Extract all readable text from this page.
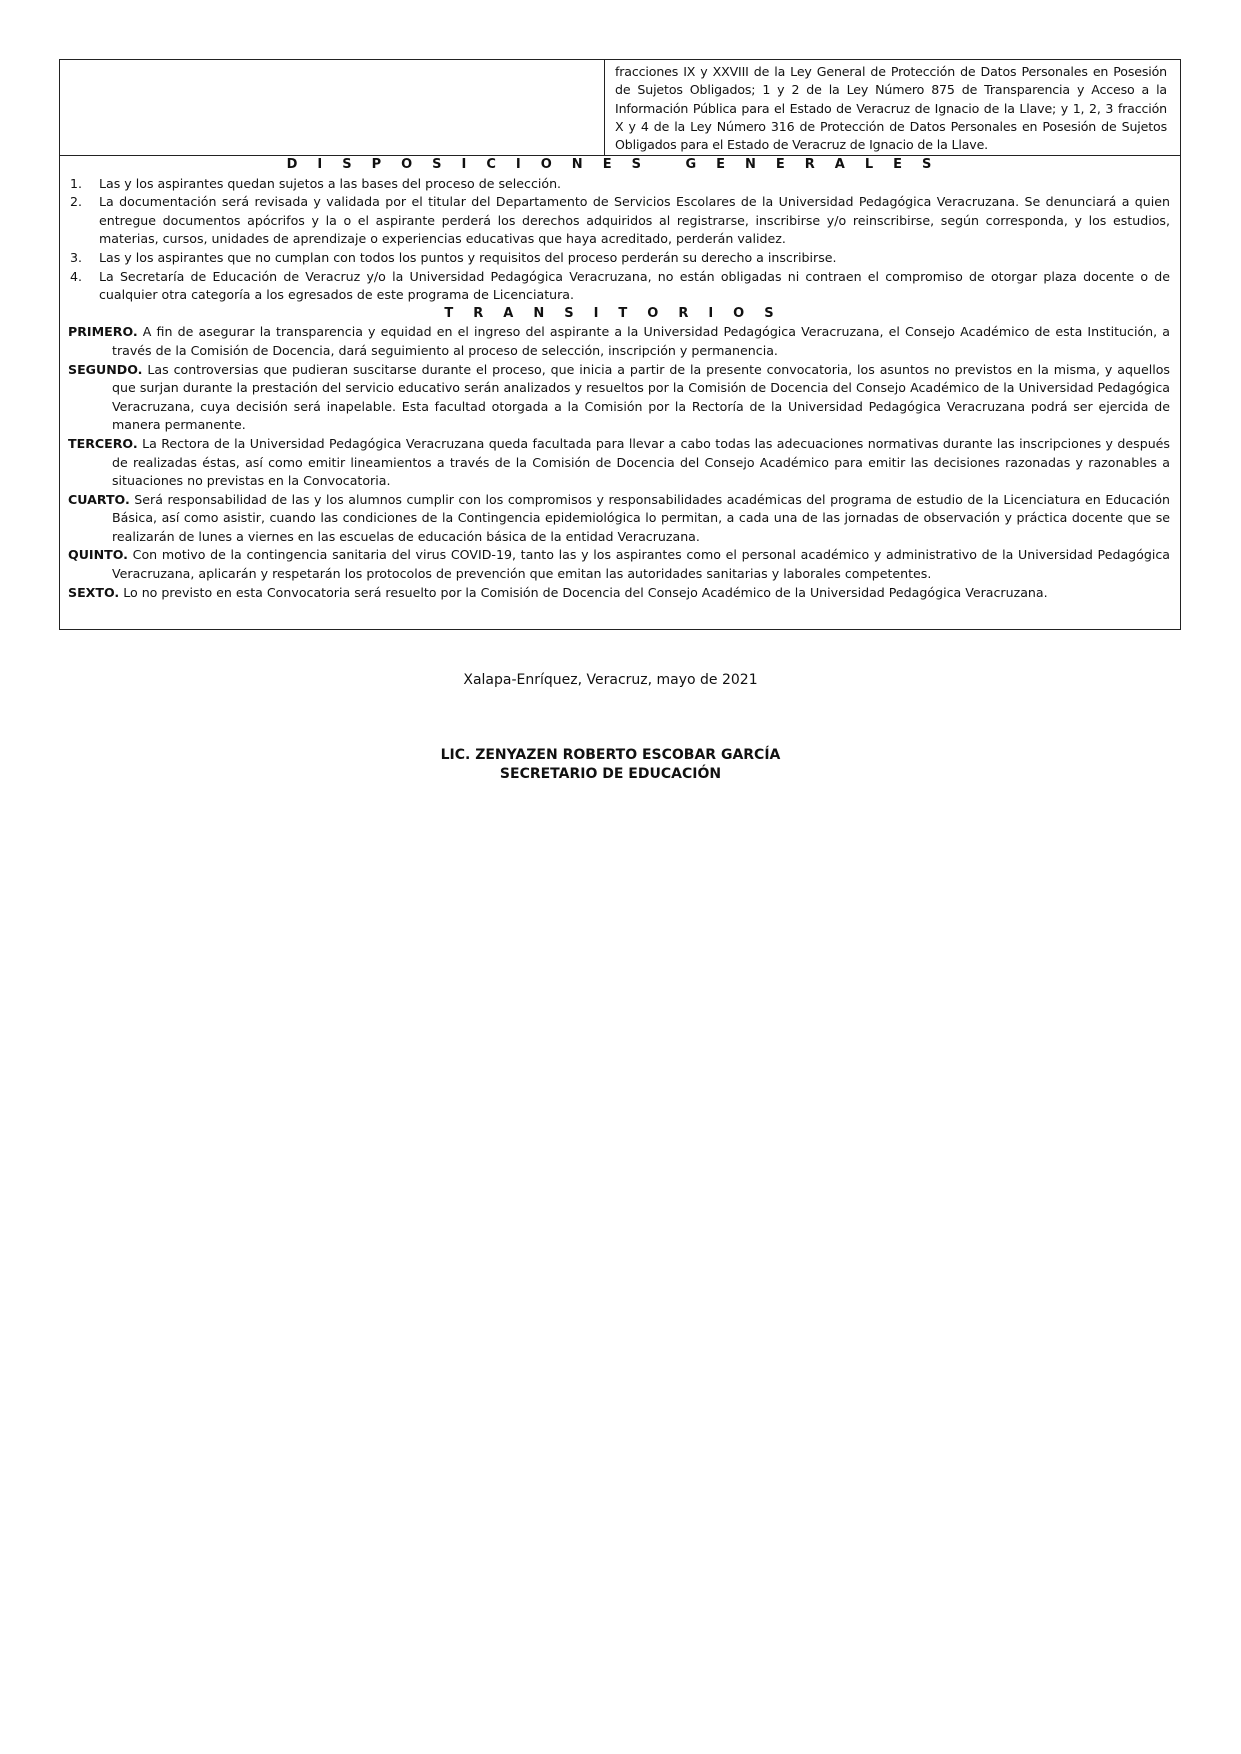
fracciones IX y XXVIII de la Ley General de Protección de Datos Personales en Posesión de Sujetos Obligados; 1 y 2 de la Ley Número 875 de Transparencia y Acceso a la Información Pública para el Estado de Veracruz de Ignacio de la Llave; y 1, 2, 3 fracción X y 4 de la Ley Número 316 de Protección de Datos Personales en Posesión de Sujetos Obligados para el Estado de Veracruz de Ignacio de la Llave.
DISPOSICIONES GENERALES
1. Las y los aspirantes quedan sujetos a las bases del proceso de selección.
2. La documentación será revisada y validada por el titular del Departamento de Servicios Escolares de la Universidad Pedagógica Veracruzana. Se denunciará a quien entregue documentos apócrifos y la o el aspirante perderá los derechos adquiridos al registrarse, inscribirse y/o reinscribirse, según corresponda, y los estudios, materias, cursos, unidades de aprendizaje o experiencias educativas que haya acreditado, perderán validez.
3. Las y los aspirantes que no cumplan con todos los puntos y requisitos del proceso perderán su derecho a inscribirse.
4. La Secretaría de Educación de Veracruz y/o la Universidad Pedagógica Veracruzana, no están obligadas ni contraen el compromiso de otorgar plaza docente o de cualquier otra categoría a los egresados de este programa de Licenciatura.
TRANSITORIOS

PRIMERO. A fin de asegurar la transparencia y equidad en el ingreso del aspirante a la Universidad Pedagógica Veracruzana, el Consejo Académico de esta Institución, a través de la Comisión de Docencia, dará seguimiento al proceso de selección, inscripción y permanencia.

SEGUNDO. Las controversias que pudieran suscitarse durante el proceso, que inicia a partir de la presente convocatoria, los asuntos no previstos en la misma, y aquellos que surjan durante la prestación del servicio educativo serán analizados y resueltos por la Comisión de Docencia del Consejo Académico de la Universidad Pedagógica Veracruzana, cuya decisión será inapelable. Esta facultad otorgada a la Comisión por la Rectoría de la Universidad Pedagógica Veracruzana podrá ser ejercida de manera permanente.

TERCERO. La Rectora de la Universidad Pedagógica Veracruzana queda facultada para llevar a cabo todas las adecuaciones normativas durante las inscripciones y después de realizadas éstas, así como emitir lineamientos a través de la Comisión de Docencia del Consejo Académico para emitir las decisiones razonadas y razonables a situaciones no previstas en la Convocatoria.

CUARTO. Será responsabilidad de las y los alumnos cumplir con los compromisos y responsabilidades académicas del programa de estudio de la Licenciatura en Educación Básica, así como asistir, cuando las condiciones de la Contingencia epidemiológica lo permitan, a cada una de las jornadas de observación y práctica docente que se realizarán de lunes a viernes en las escuelas de educación básica de la entidad Veracruzana.

QUINTO. Con motivo de la contingencia sanitaria del virus COVID-19, tanto las y los aspirantes como el personal académico y administrativo de la Universidad Pedagógica Veracruzana, aplicarán y respetarán los protocolos de prevención que emitan las autoridades sanitarias y laborales competentes.

SEXTO. Lo no previsto en esta Convocatoria será resuelto por la Comisión de Docencia del Consejo Académico de la Universidad Pedagógica Veracruzana.

Xalapa-Enríquez, Veracruz, mayo de 2021
LIC. ZENYAZEN ROBERTO ESCOBAR GARCÍA
SECRETARIO DE EDUCACIÓN
